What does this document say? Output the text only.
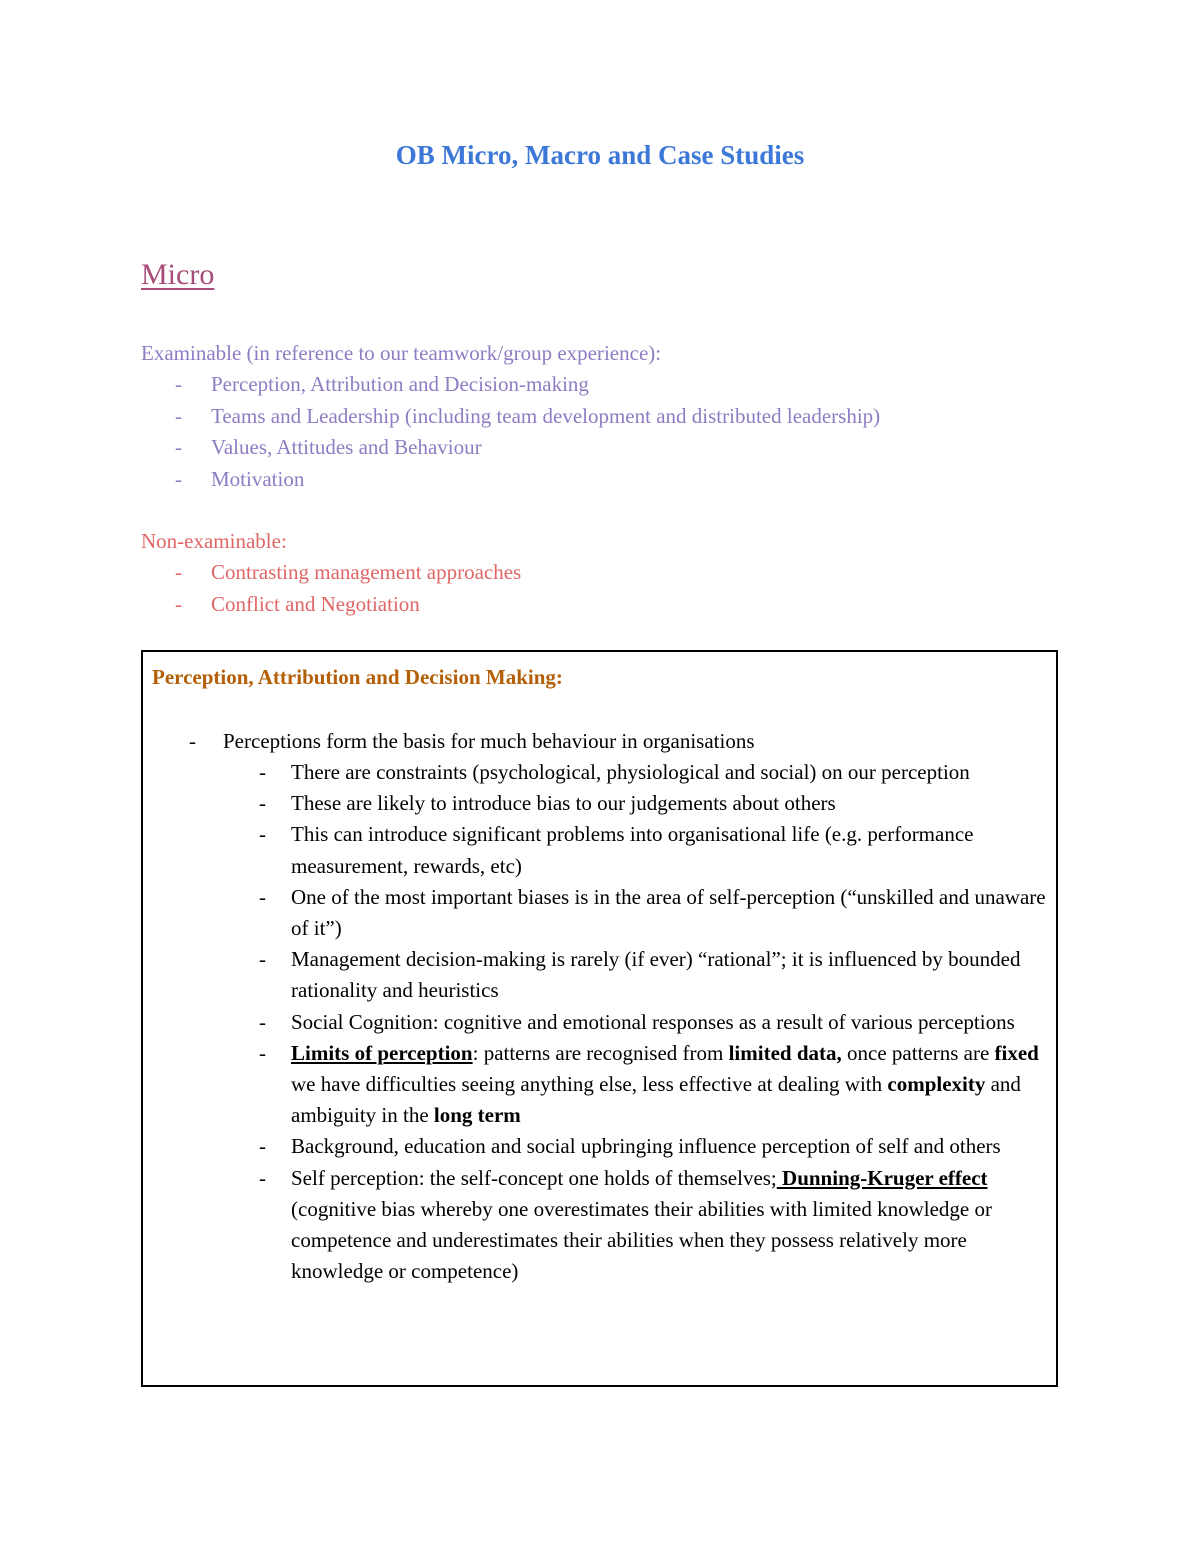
OB Micro, Macro and Case Studies
Micro
Examinable (in reference to our teamwork/group experience):
- Perception, Attribution and Decision-making
- Teams and Leadership (including team development and distributed leadership)
- Values, Attitudes and Behaviour
- Motivation
Non-examinable:
- Contrasting management approaches
- Conflict and Negotiation
Perception, Attribution and Decision Making:
- Perceptions form the basis for much behaviour in organisations
- There are constraints (psychological, physiological and social) on our perception
- These are likely to introduce bias to our judgements about others
- This can introduce significant problems into organisational life (e.g. performance measurement, rewards, etc)
- One of the most important biases is in the area of self-perception (“unskilled and unaware of it”)
- Management decision-making is rarely (if ever) “rational”; it is influenced by bounded rationality and heuristics
- Social Cognition: cognitive and emotional responses as a result of various perceptions
- Limits of perception: patterns are recognised from limited data, once patterns are fixed we have difficulties seeing anything else, less effective at dealing with complexity and ambiguity in the long term
- Background, education and social upbringing influence perception of self and others
- Self perception: the self-concept one holds of themselves; Dunning-Kruger effect (cognitive bias whereby one overestimates their abilities with limited knowledge or competence and underestimates their abilities when they possess relatively more knowledge or competence)
